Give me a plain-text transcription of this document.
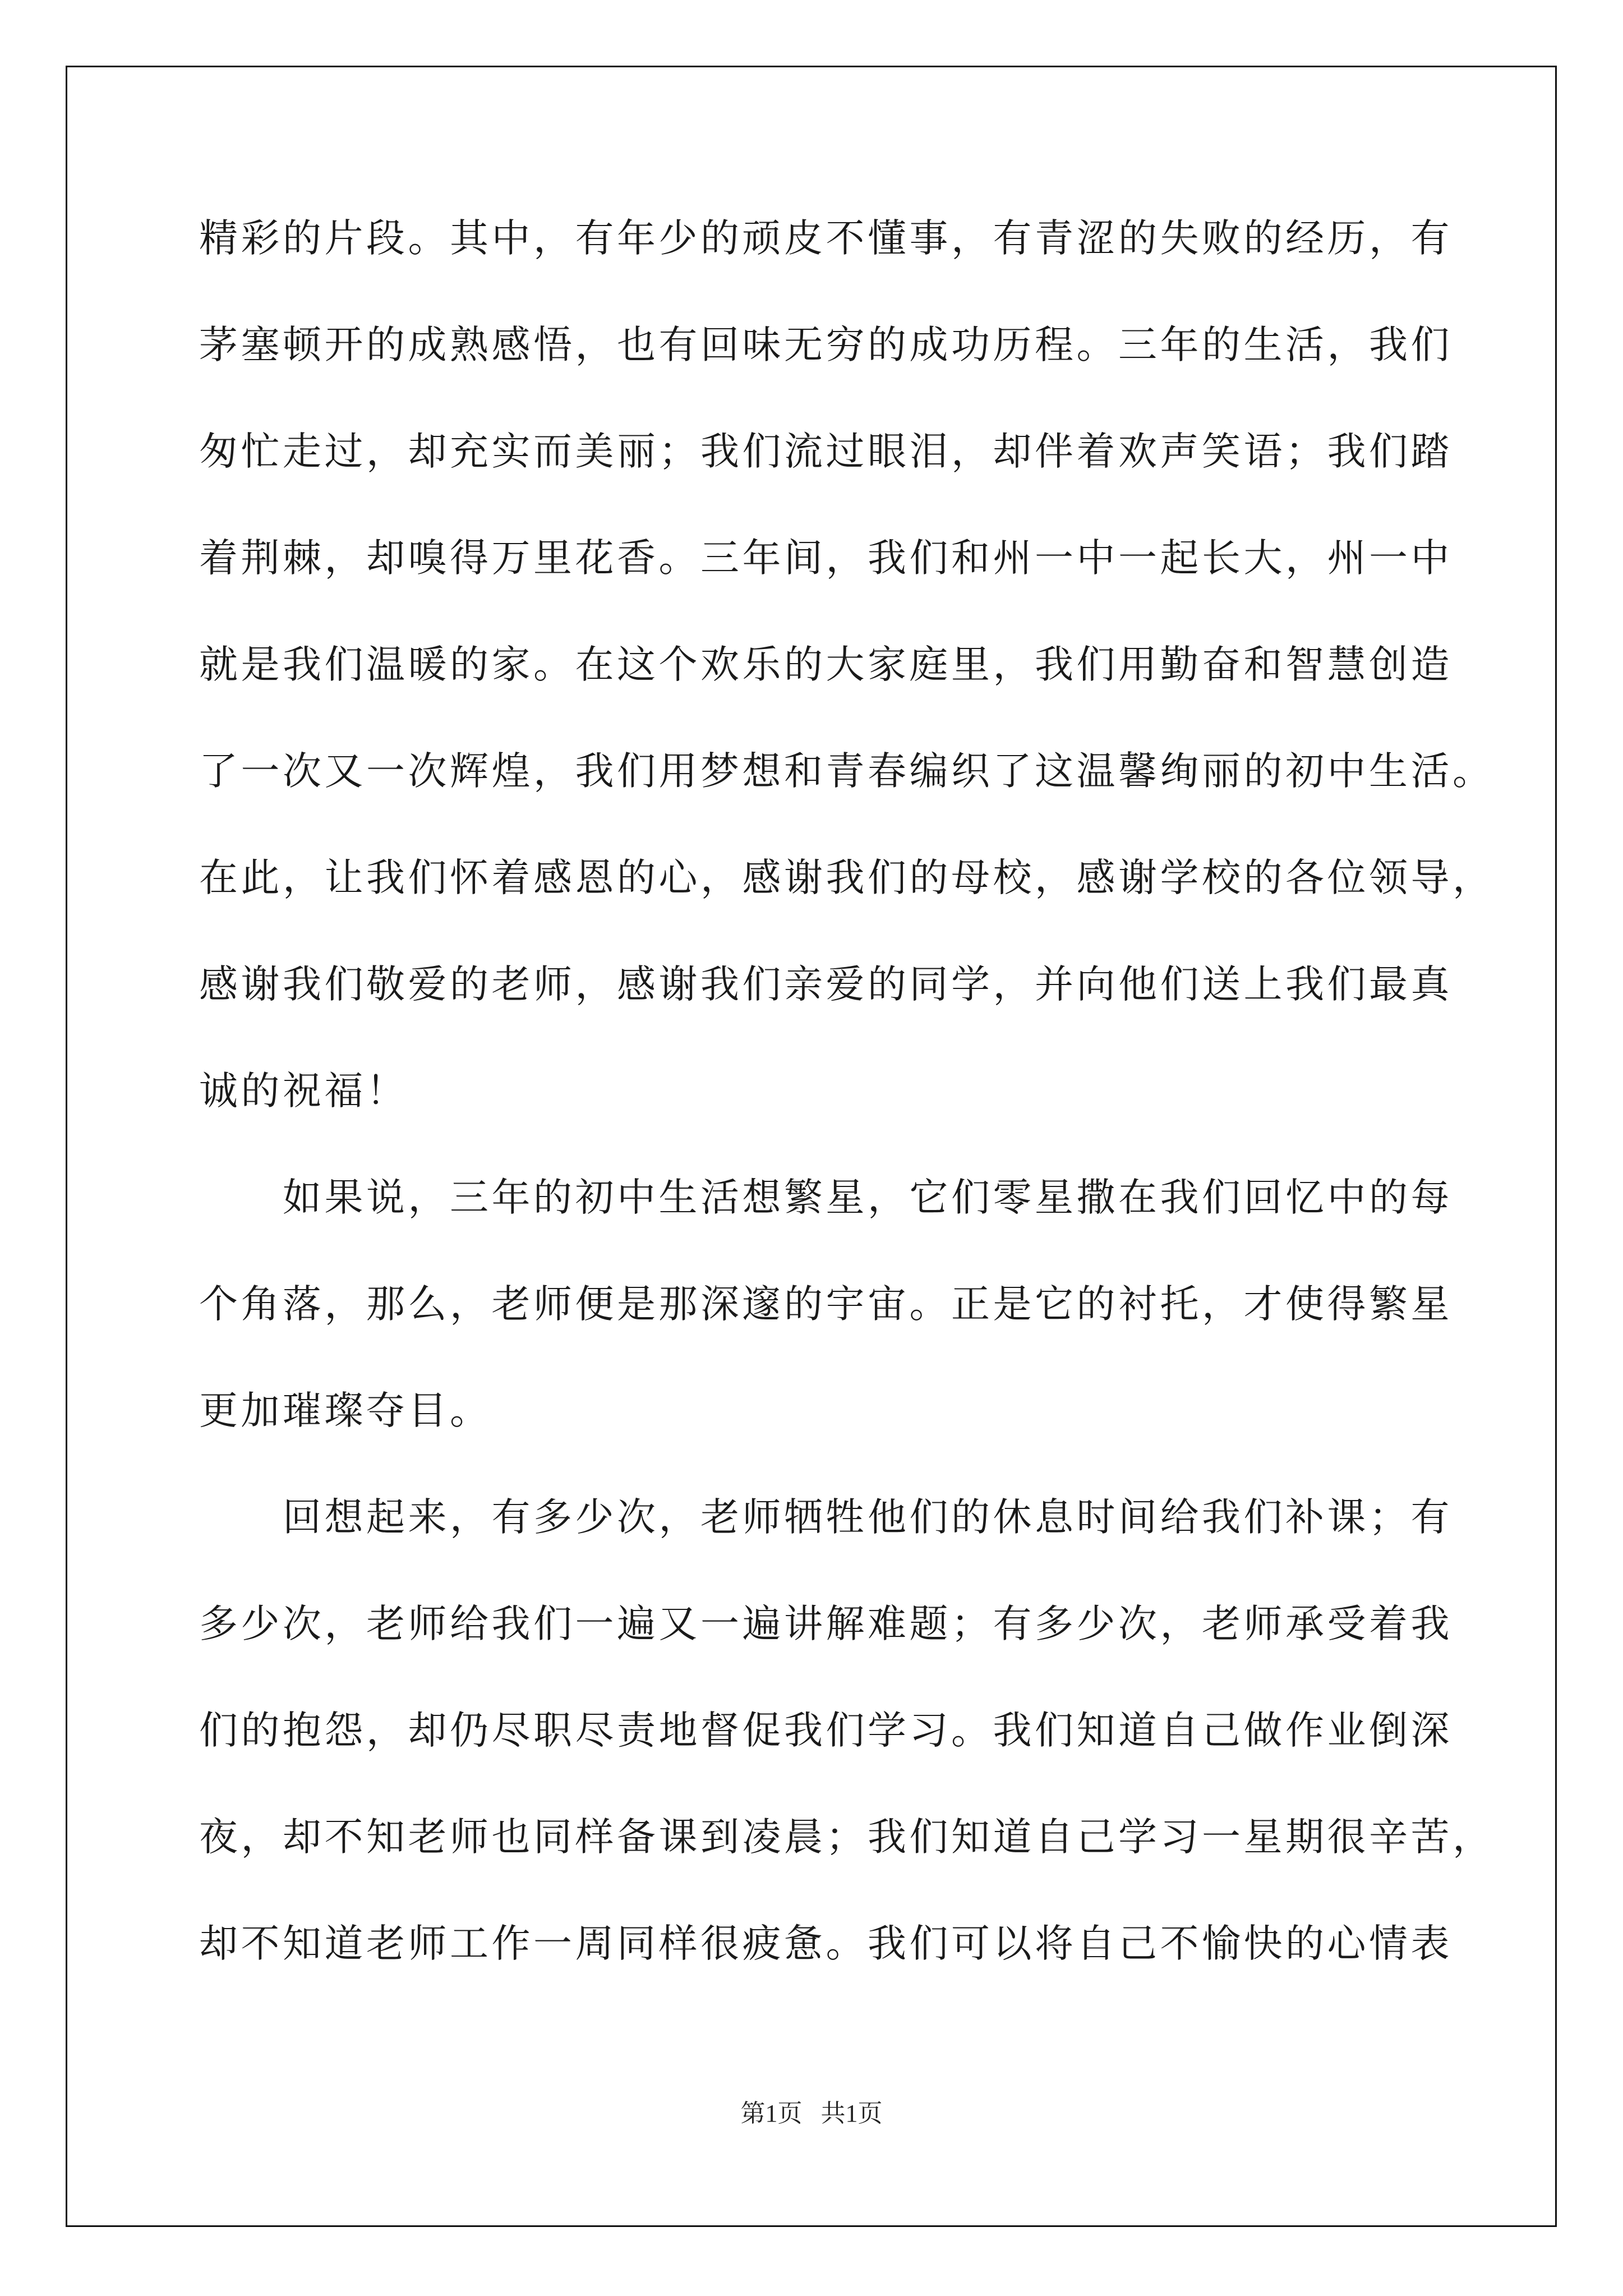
精彩的片段。其中，有年少的顽皮不懂事，有青涩的失败的经历，有
茅塞顿开的成熟感悟，也有回味无穷的成功历程。三年的生活，我们
匆忙走过，却充实而美丽；我们流过眼泪，却伴着欢声笑语；我们踏
着荆棘，却嗅得万里花香。三年间，我们和州一中一起长大，州一中
就是我们温暖的家。在这个欢乐的大家庭里，我们用勤奋和智慧创造
了一次又一次辉煌，我们用梦想和青春编织了这温馨绚丽的初中生活。
在此，让我们怀着感恩的心，感谢我们的母校，感谢学校的各位领导，
感谢我们敬爱的老师，感谢我们亲爱的同学，并向他们送上我们最真
诚的祝福！
　　如果说，三年的初中生活想繁星，它们零星撒在我们回忆中的每
个角落，那么，老师便是那深邃的宇宙。正是它的衬托，才使得繁星
更加璀璨夺目。
　　回想起来，有多少次，老师牺牲他们的休息时间给我们补课；有
多少次，老师给我们一遍又一遍讲解难题；有多少次，老师承受着我
们的抱怨，却仍尽职尽责地督促我们学习。我们知道自己做作业倒深
夜，却不知老师也同样备课到凌晨；我们知道自己学习一星期很辛苦，
却不知道老师工作一周同样很疲惫。我们可以将自己不愉快的心情表
第1页 共1页
